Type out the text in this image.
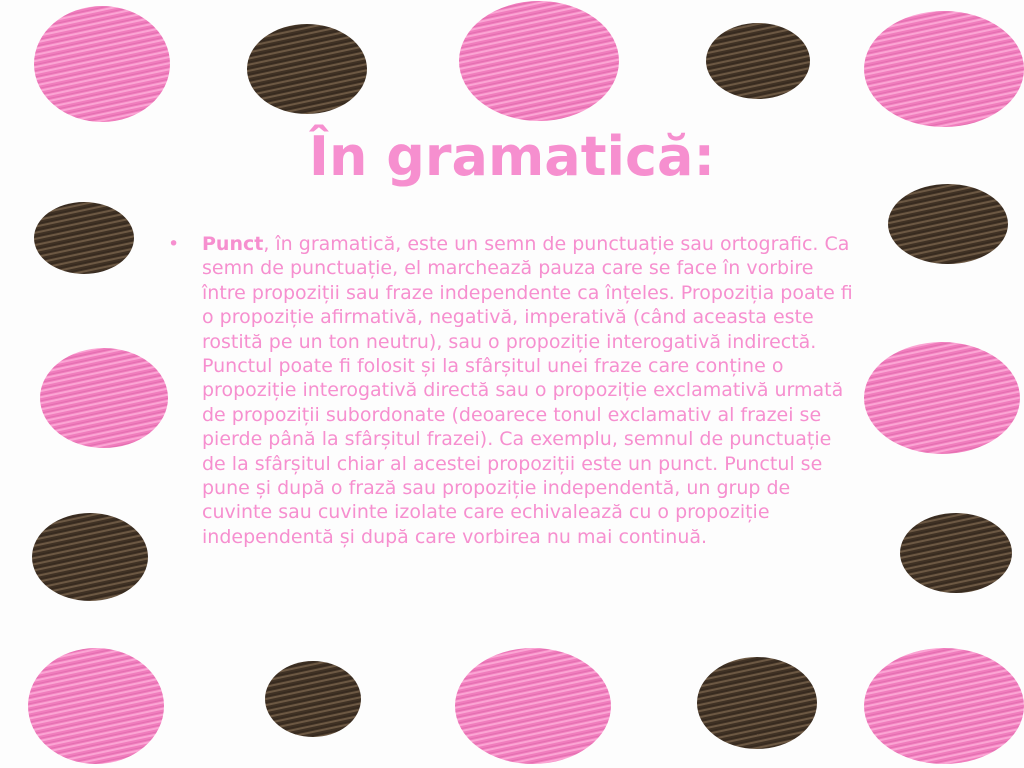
În gramatică:
•	Punct, în gramatică, este un semn de punctuație sau ortografic. Ca semn de punctuație, el marchează pauza care se face în vorbire între propoziții sau fraze independente ca înțeles. Propoziția poate fi o propoziție afirmativă, negativă, imperativă (când aceasta este rostită pe un ton neutru), sau o propoziție interogativă indirectă. Punctul poate fi folosit și la sfârșitul unei fraze care conține o propoziție interogativă directă sau o propoziție exclamativă urmată de propoziții subordonate (deoarece tonul exclamativ al frazei se pierde până la sfârșitul frazei). Ca exemplu, semnul de punctuație de la sfârșitul chiar al acestei propoziții este un punct. Punctul se pune și după o frază sau propoziție independentă, un grup de cuvinte sau cuvinte izolate care echivalează cu o propoziție independentă și după care vorbirea nu mai continuă.
